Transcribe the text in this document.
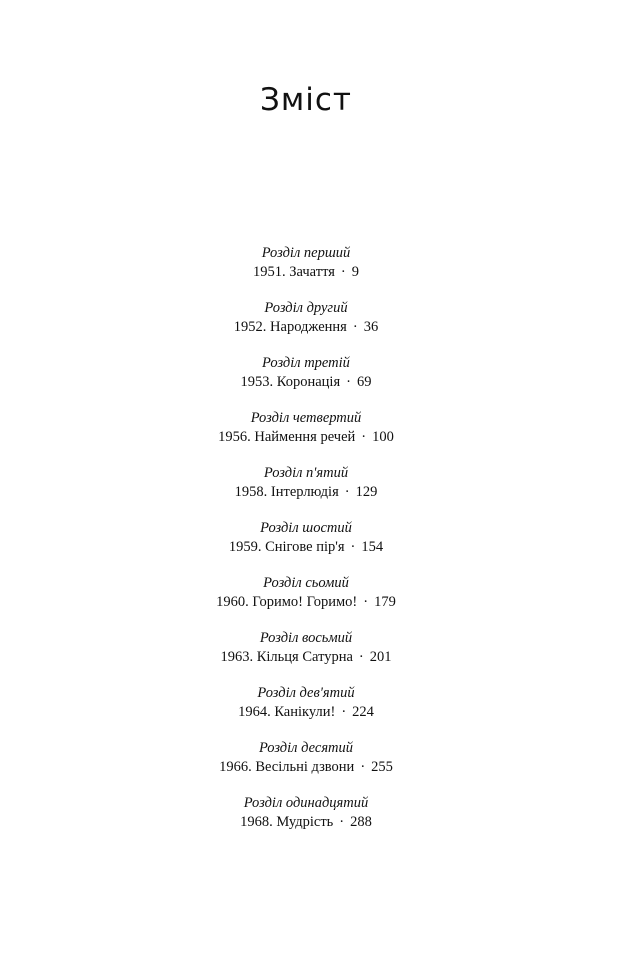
Зміст
Розділ перший
1951. Зачаття · 9
Розділ другий
1952. Народження · 36
Розділ третій
1953. Коронація · 69
Розділ четвертий
1956. Наймення речей · 100
Розділ п'ятий
1958. Інтерлюдія · 129
Розділ шостий
1959. Снігове пір'я · 154
Розділ сьомий
1960. Горимо! Горимо! · 179
Розділ восьмий
1963. Кільця Сатурна · 201
Розділ дев'ятий
1964. Канікули! · 224
Розділ десятий
1966. Весільні дзвони · 255
Розділ одинадцятий
1968. Мудрість · 288
